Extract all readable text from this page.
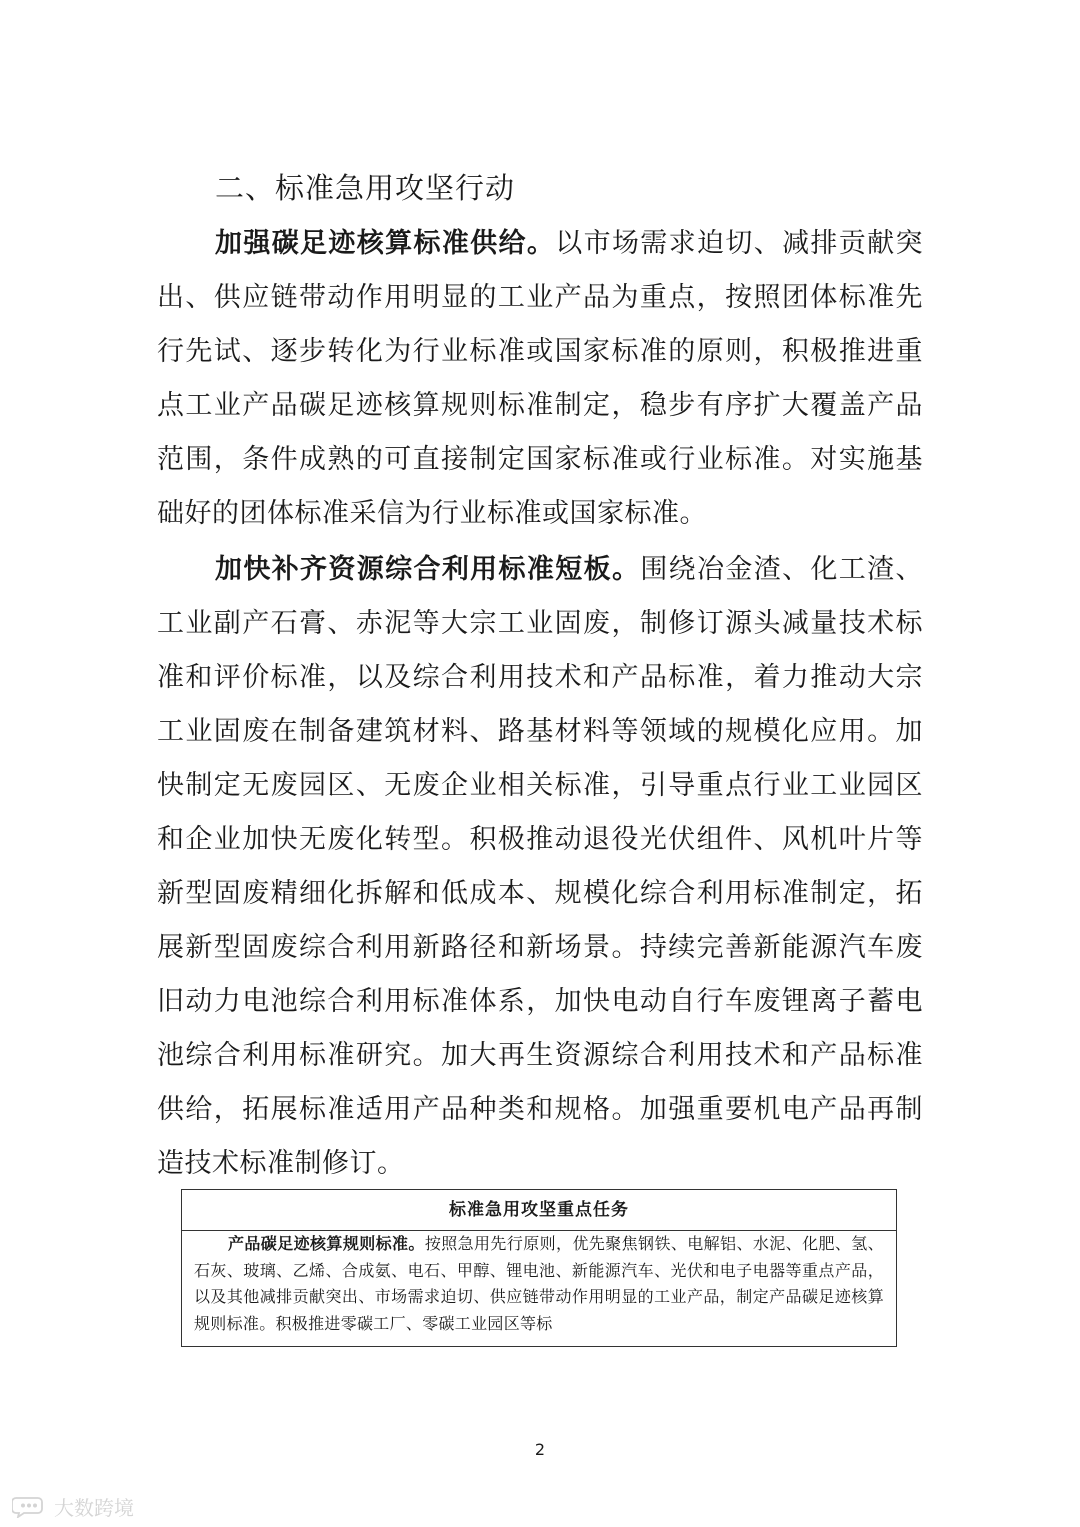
二、标准急用攻坚行动

加强碳足迹核算标准供给。以市场需求迫切、减排贡献突出、供应链带动作用明显的工业产品为重点，按照团体标准先行先试、逐步转化为行业标准或国家标准的原则，积极推进重点工业产品碳足迹核算规则标准制定，稳步有序扩大覆盖产品范围，条件成熟的可直接制定国家标准或行业标准。对实施基础好的团体标准采信为行业标准或国家标准。

加快补齐资源综合利用标准短板。围绕冶金渣、化工渣、工业副产石膏、赤泥等大宗工业固废，制修订源头减量技术标准和评价标准，以及综合利用技术和产品标准，着力推动大宗工业固废在制备建筑材料、路基材料等领域的规模化应用。加快制定无废园区、无废企业相关标准，引导重点行业工业园区和企业加快无废化转型。积极推动退役光伏组件、风机叶片等新型固废精细化拆解和低成本、规模化综合利用标准制定，拓展新型固废综合利用新路径和新场景。持续完善新能源汽车废旧动力电池综合利用标准体系，加快电动自行车废锂离子蓄电池综合利用标准研究。加大再生资源综合利用技术和产品标准供给，拓展标准适用产品种类和规格。加强重要机电产品再制造技术标准制修订。

标准急用攻坚重点任务

产品碳足迹核算规则标准。按照急用先行原则，优先聚焦钢铁、电解铝、水泥、化肥、氢、石灰、玻璃、乙烯、合成氨、电石、甲醇、锂电池、新能源汽车、光伏和电子电器等重点产品，以及其他减排贡献突出、市场需求迫切、供应链带动作用明显的工业产品，制定产品碳足迹核算规则标准。积极推进零碳工厂、零碳工业园区等标

2
大数跨境
